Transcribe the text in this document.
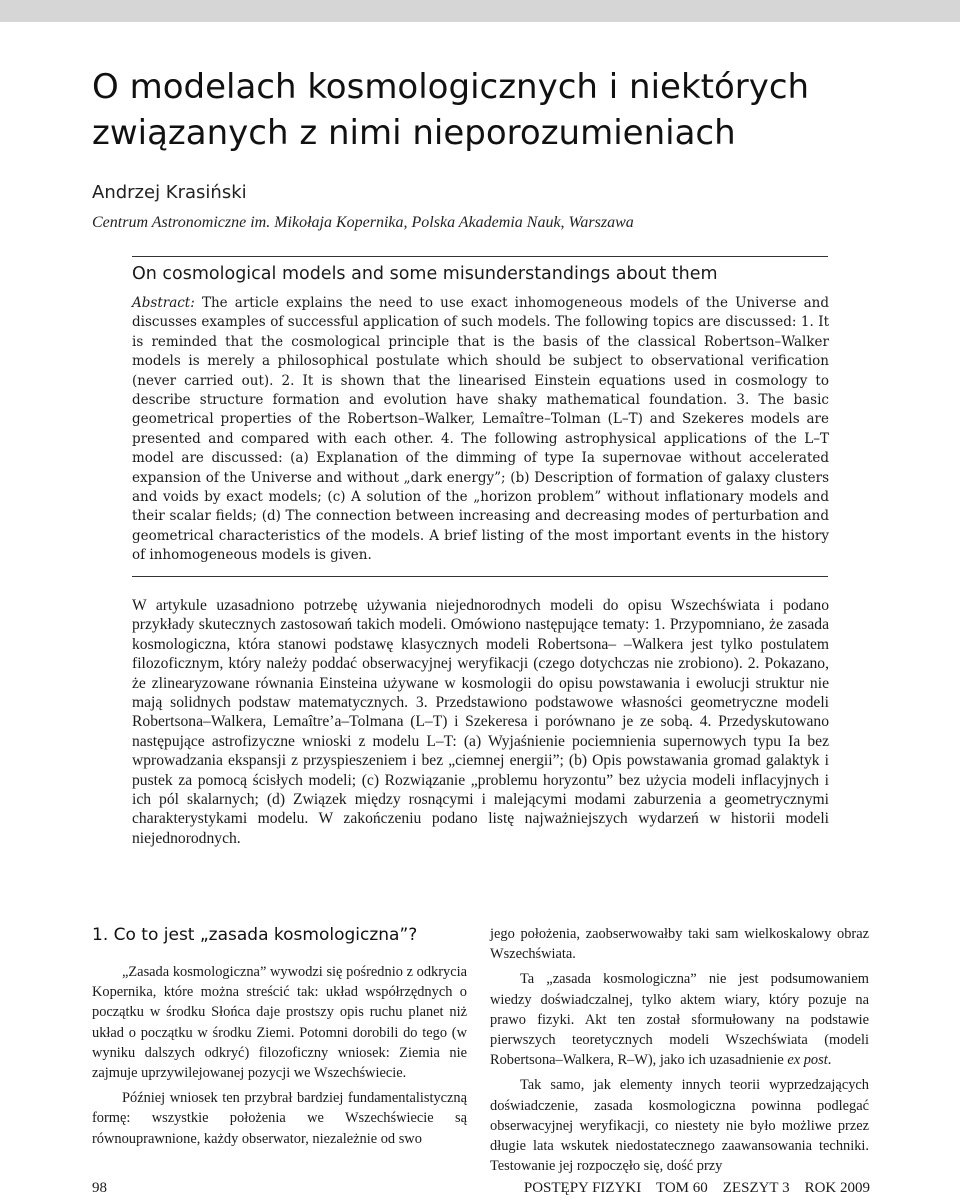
O modelach kosmologicznych i niektórych związanych z nimi nieporozumieniach
Andrzej Krasiński
Centrum Astronomiczne im. Mikołaja Kopernika, Polska Akademia Nauk, Warszawa
On cosmological models and some misunderstandings about them

Abstract: The article explains the need to use exact inhomogeneous models of the Universe and discusses examples of successful application of such models. The following topics are discussed: 1. It is reminded that the cosmological principle that is the basis of the classical Robertson–Walker models is merely a philosophical postulate which should be subject to observational verification (never carried out). 2. It is shown that the linearised Einstein equations used in cosmology to describe structure formation and evolution have shaky mathematical foundation. 3. The basic geometrical properties of the Robertson–Walker, Lemaître–Tolman (L–T) and Szekeres models are presented and compared with each other. 4. The following astrophysical applications of the L–T model are discussed: (a) Explanation of the dimming of type Ia supernovae without accelerated expansion of the Universe and without „dark energy”; (b) Description of formation of galaxy clusters and voids by exact models; (c) A solution of the „horizon problem” without inflationary models and their scalar fields; (d) The connection between increasing and decreasing modes of perturbation and geometrical characteristics of the models. A brief listing of the most important events in the history of inhomogeneous models is given.

W artykule uzasadniono potrzebę używania niejednorodnych modeli do opisu Wszechświata i podano przykłady skutecznych zastosowań takich modeli. Omówiono następujące tematy: 1. Przypomniano, że zasada kosmologiczna, która stanowi podstawę klasycznych modeli Robertsona– –Walkera jest tylko postulatem filozoficznym, który należy poddać obserwacyjnej weryfikacji (czego dotychczas nie zrobiono). 2. Pokazano, że zlinearyzowane równania Einsteina używane w kosmologii do opisu powstawania i ewolucji struktur nie mają solidnych podstaw matematycznych. 3. Przedstawiono podstawowe własności geometryczne modeli Robertsona–Walkera, Lemaître’a–Tolmana (L–T) i Szekeresa i porównano je ze sobą. 4. Przedyskutowano następujące astrofizyczne wnioski z modelu L–T: (a) Wyjaśnienie pociemnienia supernowych typu Ia bez wprowadzania ekspansji z przyspieszeniem i bez „ciemnej energii”; (b) Opis powstawania gromad galaktyk i pustek za pomocą ścisłych modeli; (c) Rozwiązanie „problemu horyzontu” bez użycia modeli inflacyjnych i ich pól skalarnych; (d) Związek między rosnącymi i malejącymi modami zaburzenia a geometrycznymi charakterystykami modelu. W zakończeniu podano listę najważniejszych wydarzeń w historii modeli niejednorodnych.

1. Co to jest „zasada kosmologiczna”?

„Zasada kosmologiczna” wywodzi się pośrednio z odkrycia Kopernika, które można streścić tak: układ współrzędnych o początku w środku Słońca daje prostszy opis ruchu planet niż układ o początku w środku Ziemi. Potomni dorobili do tego (w wyniku dalszych odkryć) filozoficzny wniosek: Ziemia nie zajmuje uprzywilejowanej pozycji we Wszechświecie.

Później wniosek ten przybrał bardziej fundamentalistyczną formę: wszystkie położenia we Wszechświecie są równouprawnione, każdy obserwator, niezależnie od swo

jego położenia, zaobserwowałby taki sam wielkoskalowy obraz Wszechświata.

Ta „zasada kosmologiczna” nie jest podsumowaniem wiedzy doświadczalnej, tylko aktem wiary, który pozuje na prawo fizyki. Akt ten został sformułowany na podstawie pierwszych teoretycznych modeli Wszechświata (modeli Robertsona–Walkera, R–W), jako ich uzasadnienie ex post.

Tak samo, jak elementy innych teorii wyprzedzających doświadczenie, zasada kosmologiczna powinna podlegać obserwacyjnej weryfikacji, co niestety nie było możliwe przez długie lata wskutek niedostatecznego zaawansowania techniki. Testowanie jej rozpoczęło się, dość przy

98	POSTĘPY FIZYKI    TOM 60    ZESZYT 3    ROK 2009
